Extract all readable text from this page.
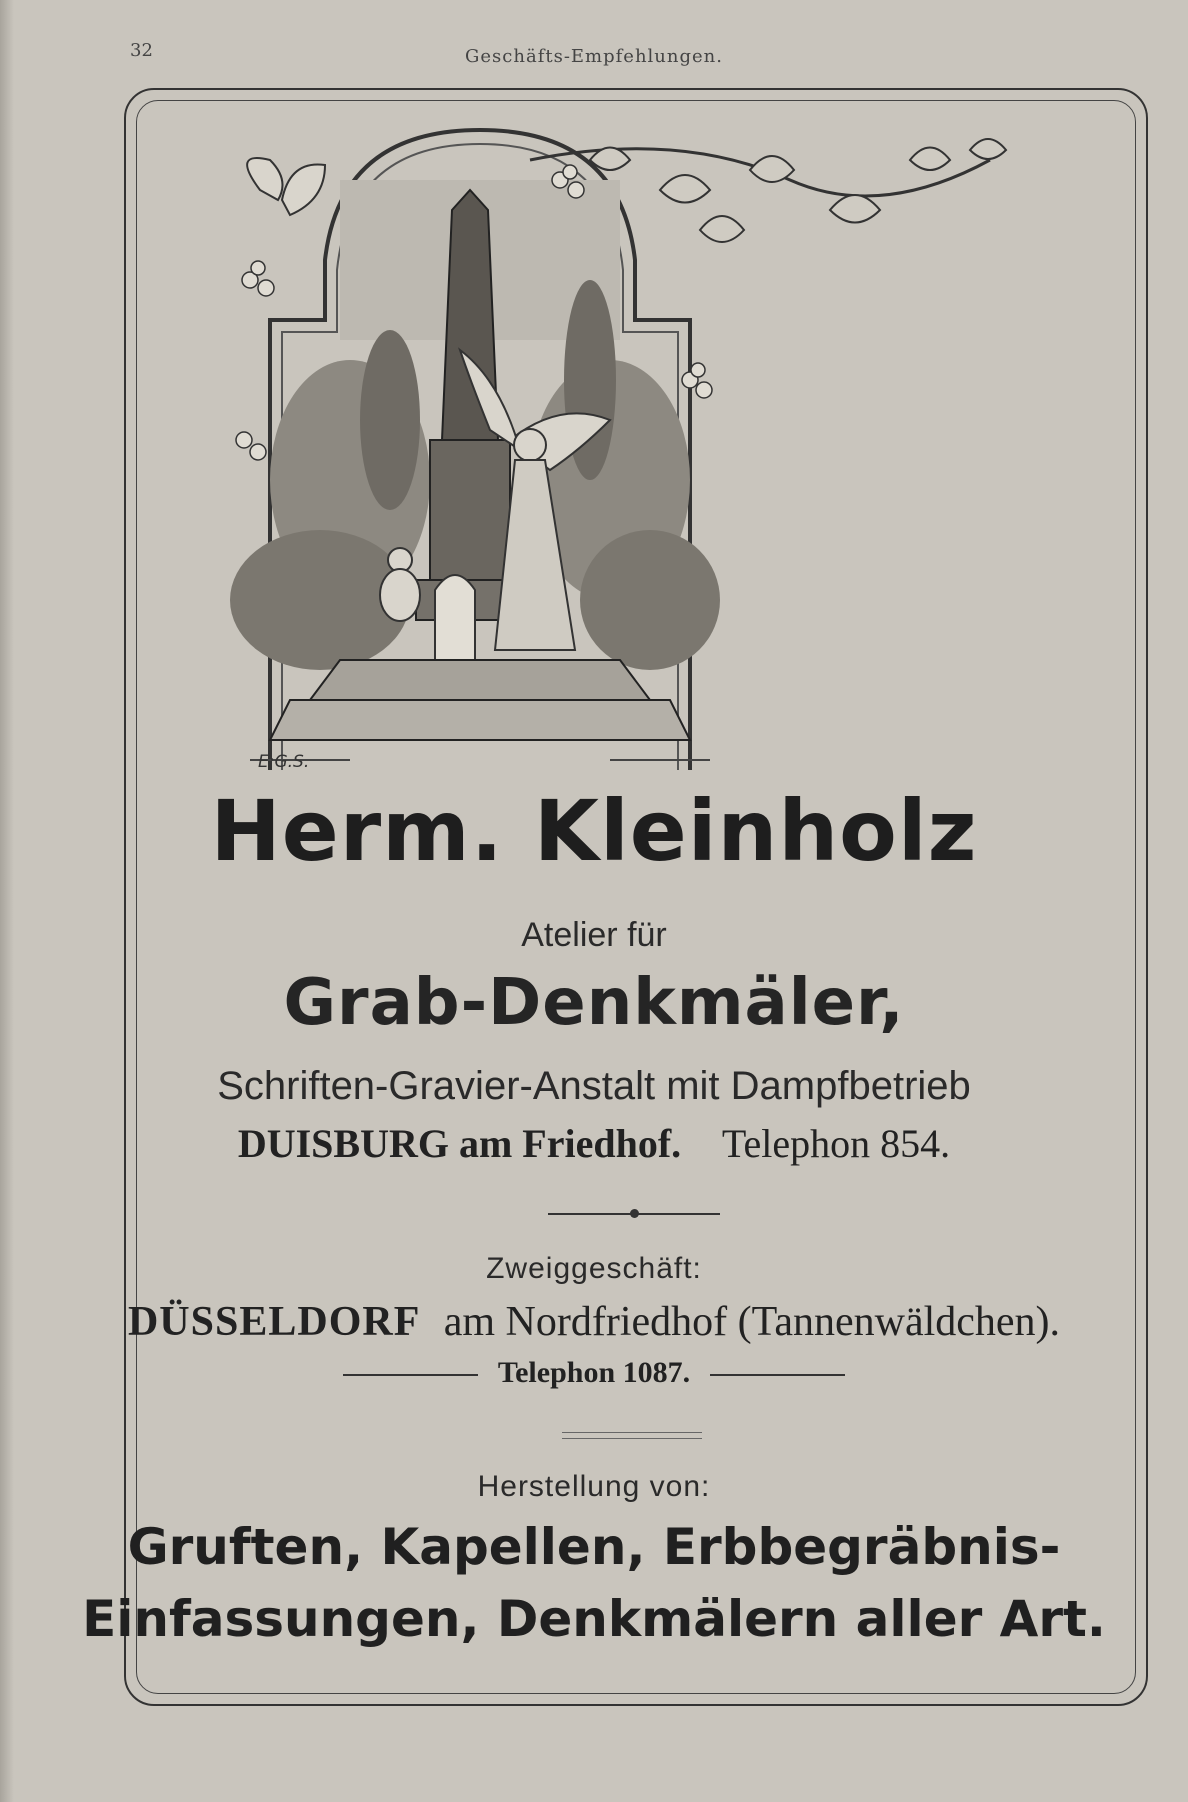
32	Geschäfts-Empfehlungen.
E:G.S.
Herm. Kleinholz
Atelier für
Grab-Denkmäler,
Schriften-Gravier-Anstalt mit Dampfbetrieb
DUISBURG am Friedhof. Telephon 854.
Zweiggeschäft:
DÜSSELDORF am Nordfriedhof (Tannenwäldchen).
Telephon 1087.
Herstellung von:
Gruften, Kapellen, Erbbegräbnis-
Einfassungen, Denkmälern aller Art.
